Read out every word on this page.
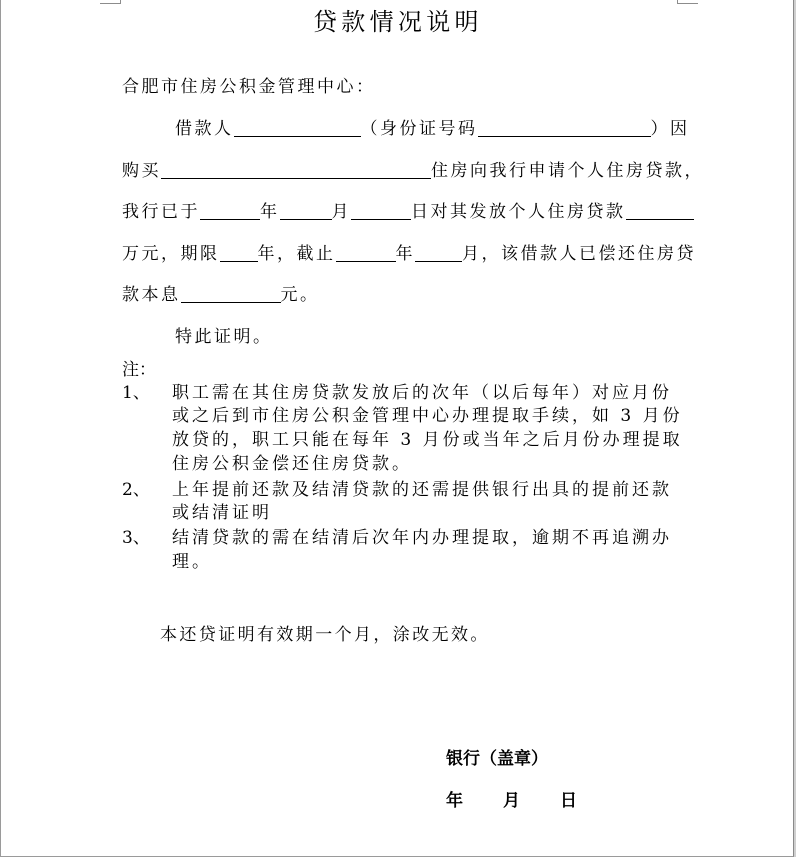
贷款情况说明
合肥市住房公积金管理中心：
借款人	（身份证号码	）因
购买	住房向我行申请个人住房贷款，
我行已于	年	月	日对其发放个人住房贷款
万元，期限 年，截止	年	月，该借款人已偿还住房贷
款本息	元。
特此证明。
注：
1、 职工需在其住房贷款发放后的次年（以后每年）对应月份
或之后到市住房公积金管理中心办理提取手续，如 3 月份
放贷的，职工只能在每年 3 月份或当年之后月份办理提取
住房公积金偿还住房贷款。
2、 上年提前还款及结清贷款的还需提供银行出具的提前还款
或结清证明
3、 结清贷款的需在结清后次年内办理提取，逾期不再追溯办
理。
本还贷证明有效期一个月，涂改无效。
银行（盖章）
年 月 日
